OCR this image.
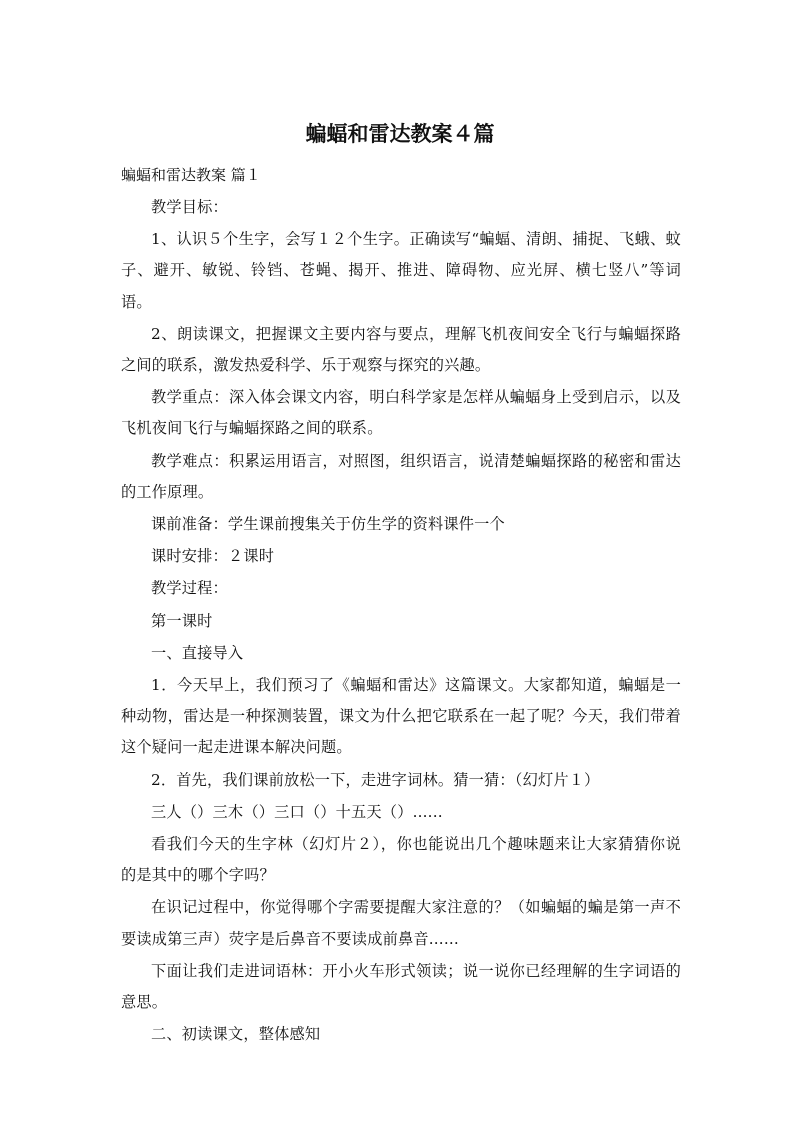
蝙蝠和雷达教案４篇

蝙蝠和雷达教案 篇１

教学目标：

1、认识５个生字，会写１２个生字。正确读写“蝙蝠、清朗、捕捉、飞蛾、蚊子、避开、敏锐、铃铛、苍蝇、揭开、推进、障碍物、应光屏、横七竖八”等词语。

2、朗读课文，把握课文主要内容与要点，理解飞机夜间安全飞行与蝙蝠探路之间的联系，激发热爱科学、乐于观察与探究的兴趣。

教学重点：深入体会课文内容，明白科学家是怎样从蝙蝠身上受到启示，以及飞机夜间飞行与蝙蝠探路之间的联系。

教学难点：积累运用语言，对照图，组织语言，说清楚蝙蝠探路的秘密和雷达的工作原理。

课前准备：学生课前搜集关于仿生学的资料课件一个

课时安排：２课时

教学过程：

第一课时

一、直接导入

1．今天早上，我们预习了《蝙蝠和雷达》这篇课文。大家都知道，蝙蝠是一种动物，雷达是一种探测装置，课文为什么把它联系在一起了呢？今天，我们带着这个疑问一起走进课本解决问题。

2．首先，我们课前放松一下，走进字词林。猜一猜：（幻灯片１）

三人（）三木（）三口（）十五天（）......

看我们今天的生字林（幻灯片２），你也能说出几个趣味题来让大家猜猜你说的是其中的哪个字吗？

在识记过程中，你觉得哪个字需要提醒大家注意的？（如蝙蝠的蝙是第一声不要读成第三声）荧字是后鼻音不要读成前鼻音......

下面让我们走进词语林：开小火车形式领读；说一说你已经理解的生字词语的意思。

二、初读课文，整体感知
